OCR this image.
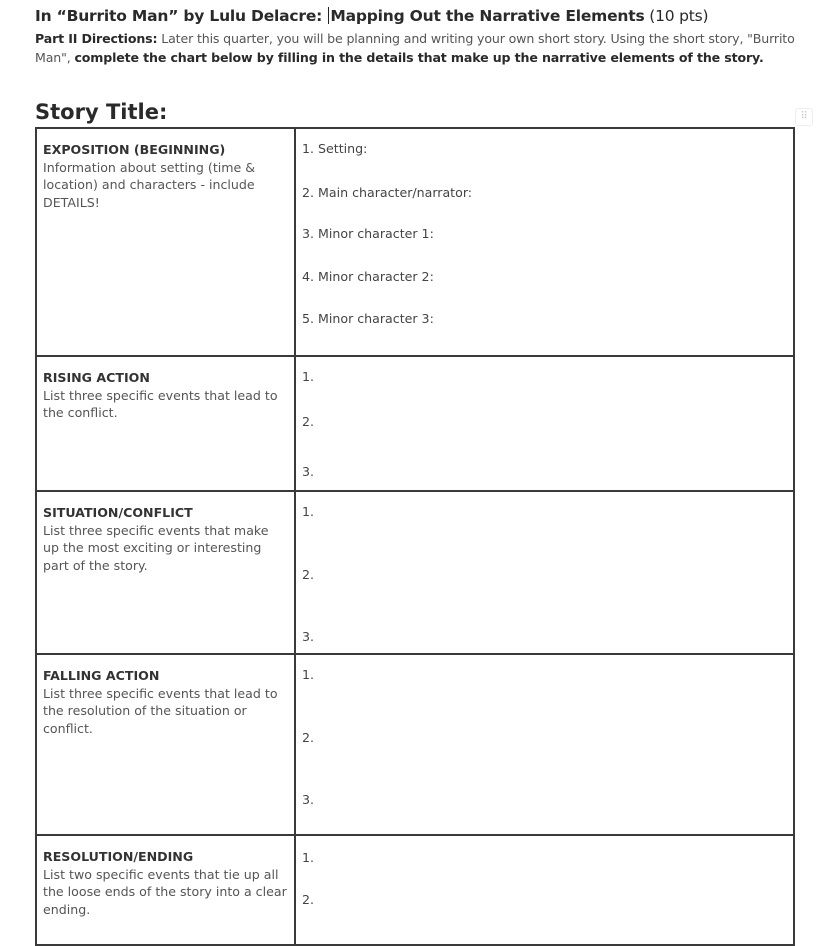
In “Burrito Man” by Lulu Delacre: Mapping Out the Narrative Elements (10 pts)
Part II Directions: Later this quarter, you will be planning and writing your own short story. Using the short story, "Burrito Man", complete the chart below by filling in the details that make up the narrative elements of the story.
Story Title:	⠿
EXPOSITION (BEGINNING)
Information about setting (time & location) and characters - include DETAILS!

1. Setting:
2. Main character/narrator:
3. Minor character 1:
4. Minor character 2:
5. Minor character 3:

RISING ACTION
List three specific events that lead to the conflict.

1.
2.
3.

SITUATION/CONFLICT
List three specific events that make up the most exciting or interesting part of the story.

1.
2.
3.

FALLING ACTION
List three specific events that lead to the resolution of the situation or conflict.

1.
2.
3.

RESOLUTION/ENDING
List two specific events that tie up all the loose ends of the story into a clear ending.

1.
2.
